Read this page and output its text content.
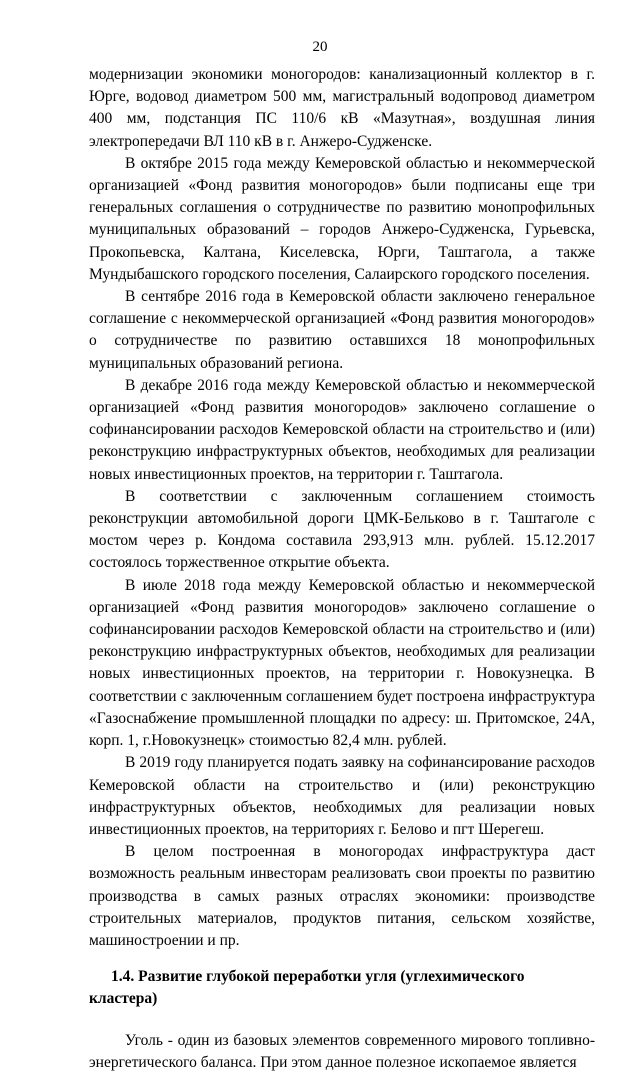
20

модернизации экономики моногородов: канализационный коллектор в г. Юрге, водовод диаметром 500 мм, магистральный водопровод диаметром 400 мм, подстанция ПС 110/6 кВ «Мазутная», воздушная линия электропередачи ВЛ 110 кВ в г. Анжеро-Судженске.

В октябре 2015 года между Кемеровской областью и некоммерческой организацией «Фонд развития моногородов» были подписаны еще три генеральных соглашения о сотрудничестве по развитию монопрофильных муниципальных образований – городов Анжеро-Судженска, Гурьевска, Прокопьевска, Калтана, Киселевска, Юрги, Таштагола, а также Мундыбашского городского поселения, Салаирского городского поселения.

В сентябре 2016 года в Кемеровской области заключено генеральное соглашение с некоммерческой организацией «Фонд развития моногородов» о сотрудничестве по развитию оставшихся 18 монопрофильных муниципальных образований региона.

В декабре 2016 года между Кемеровской областью и некоммерческой организацией «Фонд развития моногородов» заключено соглашение о софинансировании расходов Кемеровской области на строительство и (или) реконструкцию инфраструктурных объектов, необходимых для реализации новых инвестиционных проектов, на территории г. Таштагола.

В соответствии с заключенным соглашением стоимость реконструкции автомобильной дороги ЦМК-Бельково в г. Таштаголе с мостом через р. Кондома составила 293,913 млн. рублей. 15.12.2017 состоялось торжественное открытие объекта.

В июле 2018 года между Кемеровской областью и некоммерческой организацией «Фонд развития моногородов» заключено соглашение о софинансировании расходов Кемеровской области на строительство и (или) реконструкцию инфраструктурных объектов, необходимых для реализации новых инвестиционных проектов, на территории г. Новокузнецка. В соответствии с заключенным соглашением будет построена инфраструктура «Газоснабжение промышленной площадки по адресу: ш. Притомское, 24А, корп. 1, г.Новокузнецк» стоимостью 82,4 млн. рублей.

В 2019 году планируется подать заявку на софинансирование расходов Кемеровской области на строительство и (или) реконструкцию инфраструктурных объектов, необходимых для реализации новых инвестиционных проектов, на территориях г. Белово и пгт Шерегеш.

В целом построенная в моногородах инфраструктура даст возможность реальным инвесторам реализовать свои проекты по развитию производства в самых разных отраслях экономики: производстве строительных материалов, продуктов питания, сельском хозяйстве, машиностроении и пр.

1.4. Развитие глубокой переработки угля (углехимического кластера)

Уголь - один из базовых элементов современного мирового топливно-энергетического баланса. При этом данное полезное ископаемое является
